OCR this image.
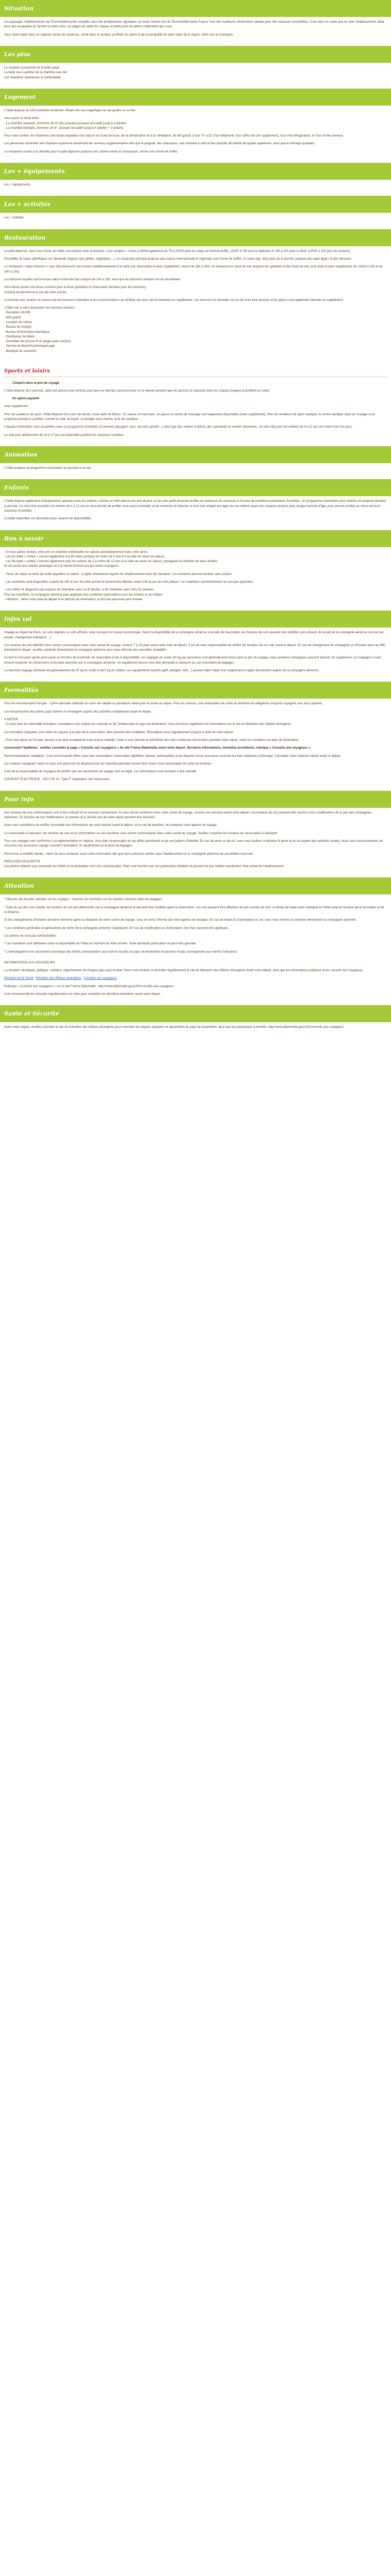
Situation

Les paysages méditerranéens de l'Euroméditerranée compilés sous des températures agréables sur toute l'année font de l'Euroméditerranée France l'une des meilleures destinations idéales pour des vacances ensoleillées. C'est dans ce cadre que se situe l'établissement, idéal pour des escapades en famille ou entre amis, où plages de sable fin, criques et petits ports de pêche n'attendent que vous.

Vous serez logés dans un superbe centre de vacances, niché dans la verdure, profitant du calme et de la tranquillité en plein cœur de la région, entre mer et montagne.

Les plus

La situation à proximité de la belle plage

La belle vue à admirer de la chambre vue mer

Les chambres spacieuses et confortables

Logement

L'hôtel dispose de 156 chambres modernes offrant une vue magnifique sur les jardins ou la mer.

Vous aurez le choix entre :

- La chambre standard, d'environ 18 m² (lits jumeaux) pouvant accueillir jusqu'à 3 adultes

- La chambre familiale, d'environ 25 m², pouvant accueillir jusqu'à 4 adultes + 2 enfants

Pour votre confort, les chambres sont toutes équipées d'un balcon ou d'une terrasse, de la climatisation et d'un ventilateur, du wifi gratuit, d'une TV LCD, d'un téléphone, d'un coffre-fort (en supplément), d'un mini-réfrigérateur, et d'un sèche-cheveux.

Les personnes réservant une chambre supérieure bénéficient de services supplémentaires tels que le peignoir, des chaussons, une machine à café et des produits de toilette de qualité supérieure, ainsi que le ménage quotidien.

Le restaurant ouvert à la clientèle pour le petit déjeuner propose une cuisine variée et savoureuse, servie sous forme de buffet.

Les + équipements

Les + équipements

Les + activités

Les + activités

Restauration

Le petit-déjeuner, servi sous forme de buffet, est compris avec la formule « tout compris ». Inclus à l'hôtel également de 7h à 10h30 pour les repas en formule buffet, 12h30 à 15h pour le déjeuner et 19h à 22h pour le dîner (12h30 à 15h pour les enfants).

Possibilité de repas spécifiques sur demande (régime sans gluten, végétarien…). Le restaurant principal propose une cuisine internationale et régionale sous forme de buffet. Le snack-bar, situé près de la piscine, propose des plats légers et des boissons.

Le restaurant « Mare Nostrum » vous fera découvrir une cuisine méditerranéenne à la carte (sur réservation et avec supplément, ouvert de 19h à 22h). Le restaurant en bord de mer propose des grillades et des fruits de mer (à la carte et avec supplément, de 12h30 à 15h et de 19h à 22h).

Les boissons locales sont incluses dans la formule tout compris de 10h à 23h, ainsi que les boissons chaudes et non alcoolisées.

Vous devez porter une tenue correcte pour le dîner (pantalon et chaussures fermées pour les hommes).

Cocktail de bienvenue le jour de votre arrivée.

La formule tout compris ne couvre pas les boissons importées ni les consommations au minibar, qui vous seront facturées en supplément. Les boissons en bouteille, les jus de fruits frais pressés et les glaces sont également facturés en supplément.

L'hôtel met à votre disposition les services suivants :

- Réception 24/24h
- Wifi gratuit
- Location de voiture
- Bureau de change
- Bureau d'information touristique
- Distributeur de billets
- Serviettes de piscine et de plage (avec caution)
- Service de blanchisserie/repassage
- Boutique de souvenirs
Sports et loisirs
• Compris dans le prix du voyage

L'hôtel dispose de 2 piscines, dont une piscine pour enfants pour que vos derniers puissent jouer et se divertir pendant que les parents se reposent dans les chaises longues et profitent du soleil.

• En option payante

Avec supplément :

Pour les amateurs de sport, l'hôtel dispose d'un court de tennis, d'une salle de fitness. Un sauna, un hammam, un spa et un centre de massage sont également disponibles (avec supplément). Pour les amateurs de sport nautique, le centre nautique situé sur la plage vous proposera plusieurs activités, comme la voile, le kayak, la plongée sous-marine, et le ski nautique.

L'équipe d'animation vous accueillera avec un programme d'activités en journée (aquagym, jeux, tournois sportifs…) ainsi que des soirées à thème, des spectacles et soirées dansantes. Un mini-club pour les enfants de 4 à 12 ans est ouvert tous les jours.

Le club pour adolescents de 13 à 17 ans est disponible pendant les vacances scolaires.

Animation

L'hôtel propose un programme d'animation en journée et le soir.

Enfants

L'hôtel dispose également d'équipements spéciaux pour les enfants, comme un mini-club et une aire de jeux où les plus petits pourront profiter au maximum de vacances à l'écoute de nombreux partenaires d'activités. Un programme d'animation pour enfants est proposé pendant la journée. Le mini-club accueille vos enfants de 4 à 12 ans et vous permet de profiter vous aussi d'activités et de moments de détente, le mini-club adapté aux âges de vos enfants ayant des espaces propres pour chaque tranche d'âge, pour pouvoir profiter au mieux de leurs vacances ensemble.

Lit bébé disponible sur demande (sous réserve de disponibilité).

Bon à savoir

- Si vous partez seul(e), votre prix en chambre individuelle est calculé automatiquement dans votre devis.

- Les lits bébé « enfant » servent également aux lits bébé (enfants de moins de 2 ans lit à la date de retour du séjour).

- Les lits bébé « enfant » servent également pour les enfants de 2 à moins de 12 ans (à la date de retour du séjour), partageant la chambre de deux adultes.

Ils ont accès aux mêmes avantages et à la même formule que les autres voyageurs.

- Taxes de séjour et taxes de sortie payables sur place : à régler directement auprès de l'établissement et/ou de l'aéroport. Les montants peuvent évoluer sans préavis.

- Les chambres sont disponibles à partir de 14h le jour de votre arrivée et doivent être libérées avant 12h le jour de votre départ. Les chambres communicantes ne sont pas garanties.

- Les hôtels ne disposent pas toujours de chambres avec un lit double, ni de chambres avec trois lits séparés.

Pour les transferts, la compagnie aérienne peut appliquer des conditions particulières pour les enfants ou les bébés.

- Attention : Selon votre date de départ et la période de réservation, le prix par personne peut évoluer.

Infos vol

Voyage au départ de Paris, sur vols réguliers ou vols affrétés, avec transport en classe économique. Selon la disponibilité de la compagnie aérienne à la date de réservation, les horaires de vols peuvent être modifiés sans préavis de la part de la compagnie aérienne (vol de nuit, escale, changement d'aéroport…).

Les horaires de vols définitifs vous seront communiqués avec votre carnet de voyage, environ 7 à 10 jours avant votre date de départ. Il est de votre responsabilité de vérifier les horaires de vos vols avant le départ. En cas de changement de compagnie ou d'horaire dans les 48h précédant le départ, veuillez contacter directement la compagnie aérienne pour vous informer des nouvelles modalités.

Le tarif du transport aérien peut varier en fonction de la période de réservation et de la disponibilité. Les bagages en soute (20 kg par personne) sont généralement inclus dans le prix du voyage, mais certaines compagnies peuvent facturer un supplément. Les bagages à main doivent respecter les dimensions et le poids autorisés par la compagnie aérienne. Un supplément pourra vous être demandé à l'aéroport en cas d'excédent de bagages.

La franchise bagage autorisée est généralement de 20 kg en soute et de 5 kg en cabine. Les équipements sportifs (golf, plongée, vélo…) peuvent faire l'objet d'un supplément à régler directement auprès de la compagnie aérienne.

Formalités

Pour les ressortissants français : Carte nationale d'identité en cours de validité ou passeport valide pour la durée du séjour. Pour les mineurs, une autorisation de sortie du territoire est obligatoire lorsqu'ils voyagent sans leurs parents.

Les ressortissants des autres pays doivent se renseigner auprès des autorités compétentes avant le départ.

À NOTER

- Si vous êtes de nationalité étrangère, renseignez-vous auprès du consulat ou de l'ambassade du pays de destination. Vous trouverez également les informations sur le site du Ministère des Affaires étrangères.

Les formalités indiquées sont celles en vigueur à la date de la réservation, elles peuvent être modifiées. Renseignez-vous régulièrement jusqu'à la date de votre départ.

- Pour tout séjour en Europe, pensez à la carte européenne d'assurance maladie. Celle-ci vous permet de bénéficier des soins médicaux nécessaires pendant votre séjour, selon les conditions du pays de destination.

Concernant l'épidémie : veuillez consulter la page « Conseils aux voyageurs » du site France Diplomatie avant votre départ. Dernières informations, nouvelles procédures, rubrique « Conseils aux voyageurs ».

Recommandations sanitaires : il est recommandé d'être à jour des vaccinations universelles (diphtérie, tétanos, poliomyélite) et de disposer d'une assurance couvrant les frais médicaux à l'étranger. Consultez votre médecin traitant avant le départ.

Les mineurs voyageant seuls ou avec une personne ne disposant pas de l'autorité parentale doivent être munis d'une autorisation de sortie de territoire.

Il est de la responsabilité du voyageur de vérifier que ses documents de voyage sont en règle. Les informations sont données à titre indicatif.

COURANT ÉLECTRIQUE : 230 V 50 Hz. Type F. Adaptateur non nécessaire.

Pour info

Nos horaires de vols communiqués sont à titre indicatif et ne sont pas contractuels. Ils vous seront confirmés avec votre carnet de voyage, environ une semaine avant votre départ. Les horaires de vols peuvent être soumis à des modifications de la part des compagnies aériennes. En fonction de ces modifications, le premier et le dernier jour de votre séjour peuvent être écourtés.

Nous vous conseillons de vérifier l'ensemble des informations de votre dossier avant le départ, et en cas de question, de contacter votre agence de voyage.

La convocation à l'aéroport, les horaires de vols et les informations sur les transferts vous seront communiqués dans votre carnet de voyage. Veuillez respecter les horaires de convocation à l'aéroport.

Tous nos voyages sont conformes à la réglementation en vigueur. Vous êtes responsable de vos effets personnels et de vos papiers d'identité. En cas de perte ou de vol, nous vous invitons à déclarer la perte ou le vol auprès des autorités locales. Nous vous recommandons de souscrire une assurance voyage couvrant l'annulation, le rapatriement et la perte de bagages.

Personnes à mobilité réduite : merci de nous contacter avant votre réservation afin que nous puissions vérifier avec l'établissement et la compagnie aérienne les possibilités d'accueil.

PRÉCISION DESCRIPTIF

Les photos utilisées pour présenter les hôtels et la destination sont non contractuelles. Elles sont fournies par nos partenaires hôteliers et peuvent ne pas refléter exactement l'état actuel de l'établissement.

Attention

* Mesures de sécurité sanitaire sur les voyages : mesures de restriction sur les liquides contenus dans les bagages.

* Dans le cas des vols charter, les horaires de vol sont déterminés par la compagnie aérienne et peuvent être modifiés après la réservation. Les vols peuvent être effectués de jour comme de nuit. Le temps de trajet entre l'aéroport et l'hôtel varie en fonction de la circulation et de la distance.

Si des changements d'horaires devaient intervenir après la réception de votre carnet de voyage, vous en serez informé par votre agence de voyages. En cas de retard ou d'annulation du vol, nous vous invitons à contacter directement la compagnie aérienne.

* Les conditions générales et particulières de vente de la compagnie aérienne s'appliquent. En cas de modification ou d'annulation, des frais peuvent être appliqués.

Les photos ne sont pas contractuelles.

* Les chambres sont attribuées selon la disponibilité de l'hôtel au moment de votre arrivée. Toute demande particulière ne peut être garantie.

* L'homologation et le classement touristique des hôtels correspondent aux normes locales du pays de destination et peuvent ne pas correspondre aux normes françaises.

INFORMATIONS AUX VOYAGEURS :

La situation climatique, politique, sanitaire, réglementaire de chaque pays peut évoluer. Nous vous invitons à consulter régulièrement le site du Ministère des Affaires étrangères avant votre départ, ainsi que les informations pratiques et les conseils aux voyageurs.

Ministère de la Santé · Ministère des Affaires étrangères · Conseils aux voyageurs

Rubrique « Conseils aux voyageurs » sur le site France Diplomatie : http://www.diplomatie.gouv.fr/fr/conseils-aux-voyageurs

Il est recommandé de consulter régulièrement ces sites pour connaître les dernières évolutions avant votre départ.

Santé et Sécurité

Avant votre départ, veuillez consulter le site du ministère des Affaires étrangères pour connaître les risques sanitaires et sécuritaires du pays de destination, ainsi que les précautions à prendre. http://www.diplomatie.gouv.fr/fr/conseils-aux-voyageurs
